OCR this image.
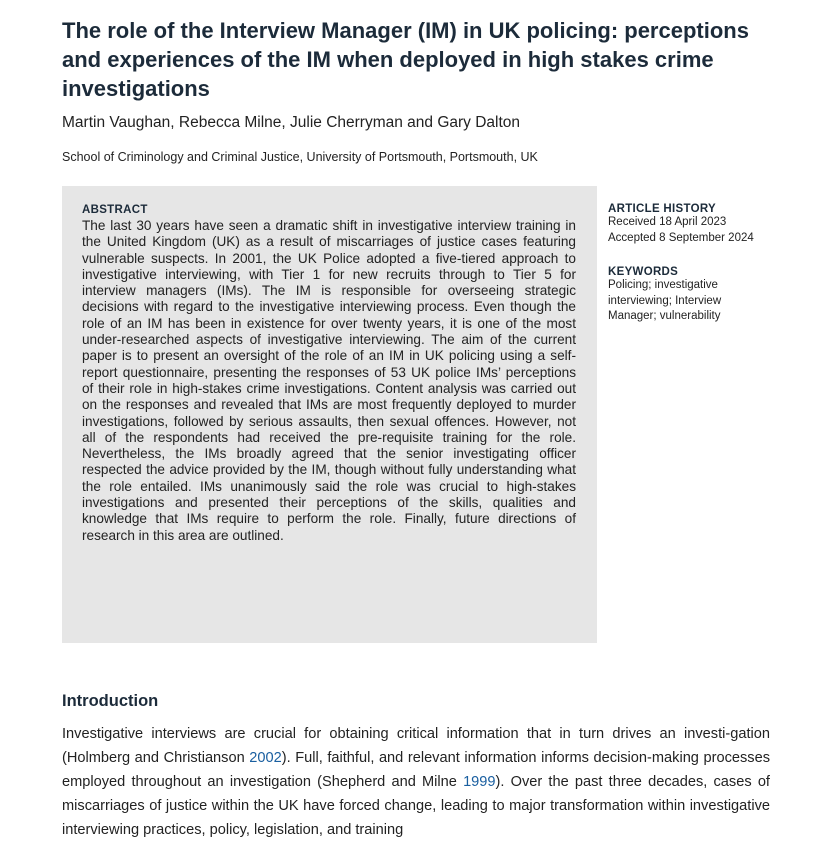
The role of the Interview Manager (IM) in UK policing: perceptions and experiences of the IM when deployed in high stakes crime investigations
Martin Vaughan, Rebecca Milne, Julie Cherryman and Gary Dalton
School of Criminology and Criminal Justice, University of Portsmouth, Portsmouth, UK
ABSTRACT
The last 30 years have seen a dramatic shift in investigative interview training in the United Kingdom (UK) as a result of miscarriages of justice cases featuring vulnerable suspects. In 2001, the UK Police adopted a five-tiered approach to investigative interviewing, with Tier 1 for new recruits through to Tier 5 for interview managers (IMs). The IM is responsible for overseeing strategic decisions with regard to the investigative interviewing process. Even though the role of an IM has been in existence for over twenty years, it is one of the most under-researched aspects of investigative interviewing. The aim of the current paper is to present an oversight of the role of an IM in UK policing using a self-report questionnaire, presenting the responses of 53 UK police IMs’ perceptions of their role in high-stakes crime investigations. Content analysis was carried out on the responses and revealed that IMs are most frequently deployed to murder investigations, followed by serious assaults, then sexual offences. However, not all of the respondents had received the pre-requisite training for the role. Nevertheless, the IMs broadly agreed that the senior investigating officer respected the advice provided by the IM, though without fully understanding what the role entailed. IMs unanimously said the role was crucial to high-stakes investigations and presented their perceptions of the skills, qualities and knowledge that IMs require to perform the role. Finally, future directions of research in this area are outlined.
ARTICLE HISTORY
Received 18 April 2023
Accepted 8 September 2024
KEYWORDS
Policing; investigative interviewing; Interview Manager; vulnerability
Introduction
Investigative interviews are crucial for obtaining critical information that in turn drives an investi-gation (Holmberg and Christianson 2002). Full, faithful, and relevant information informs decision-making processes employed throughout an investigation (Shepherd and Milne 1999). Over the past three decades, cases of miscarriages of justice within the UK have forced change, leading to major transformation within investigative interviewing practices, policy, legislation, and training
